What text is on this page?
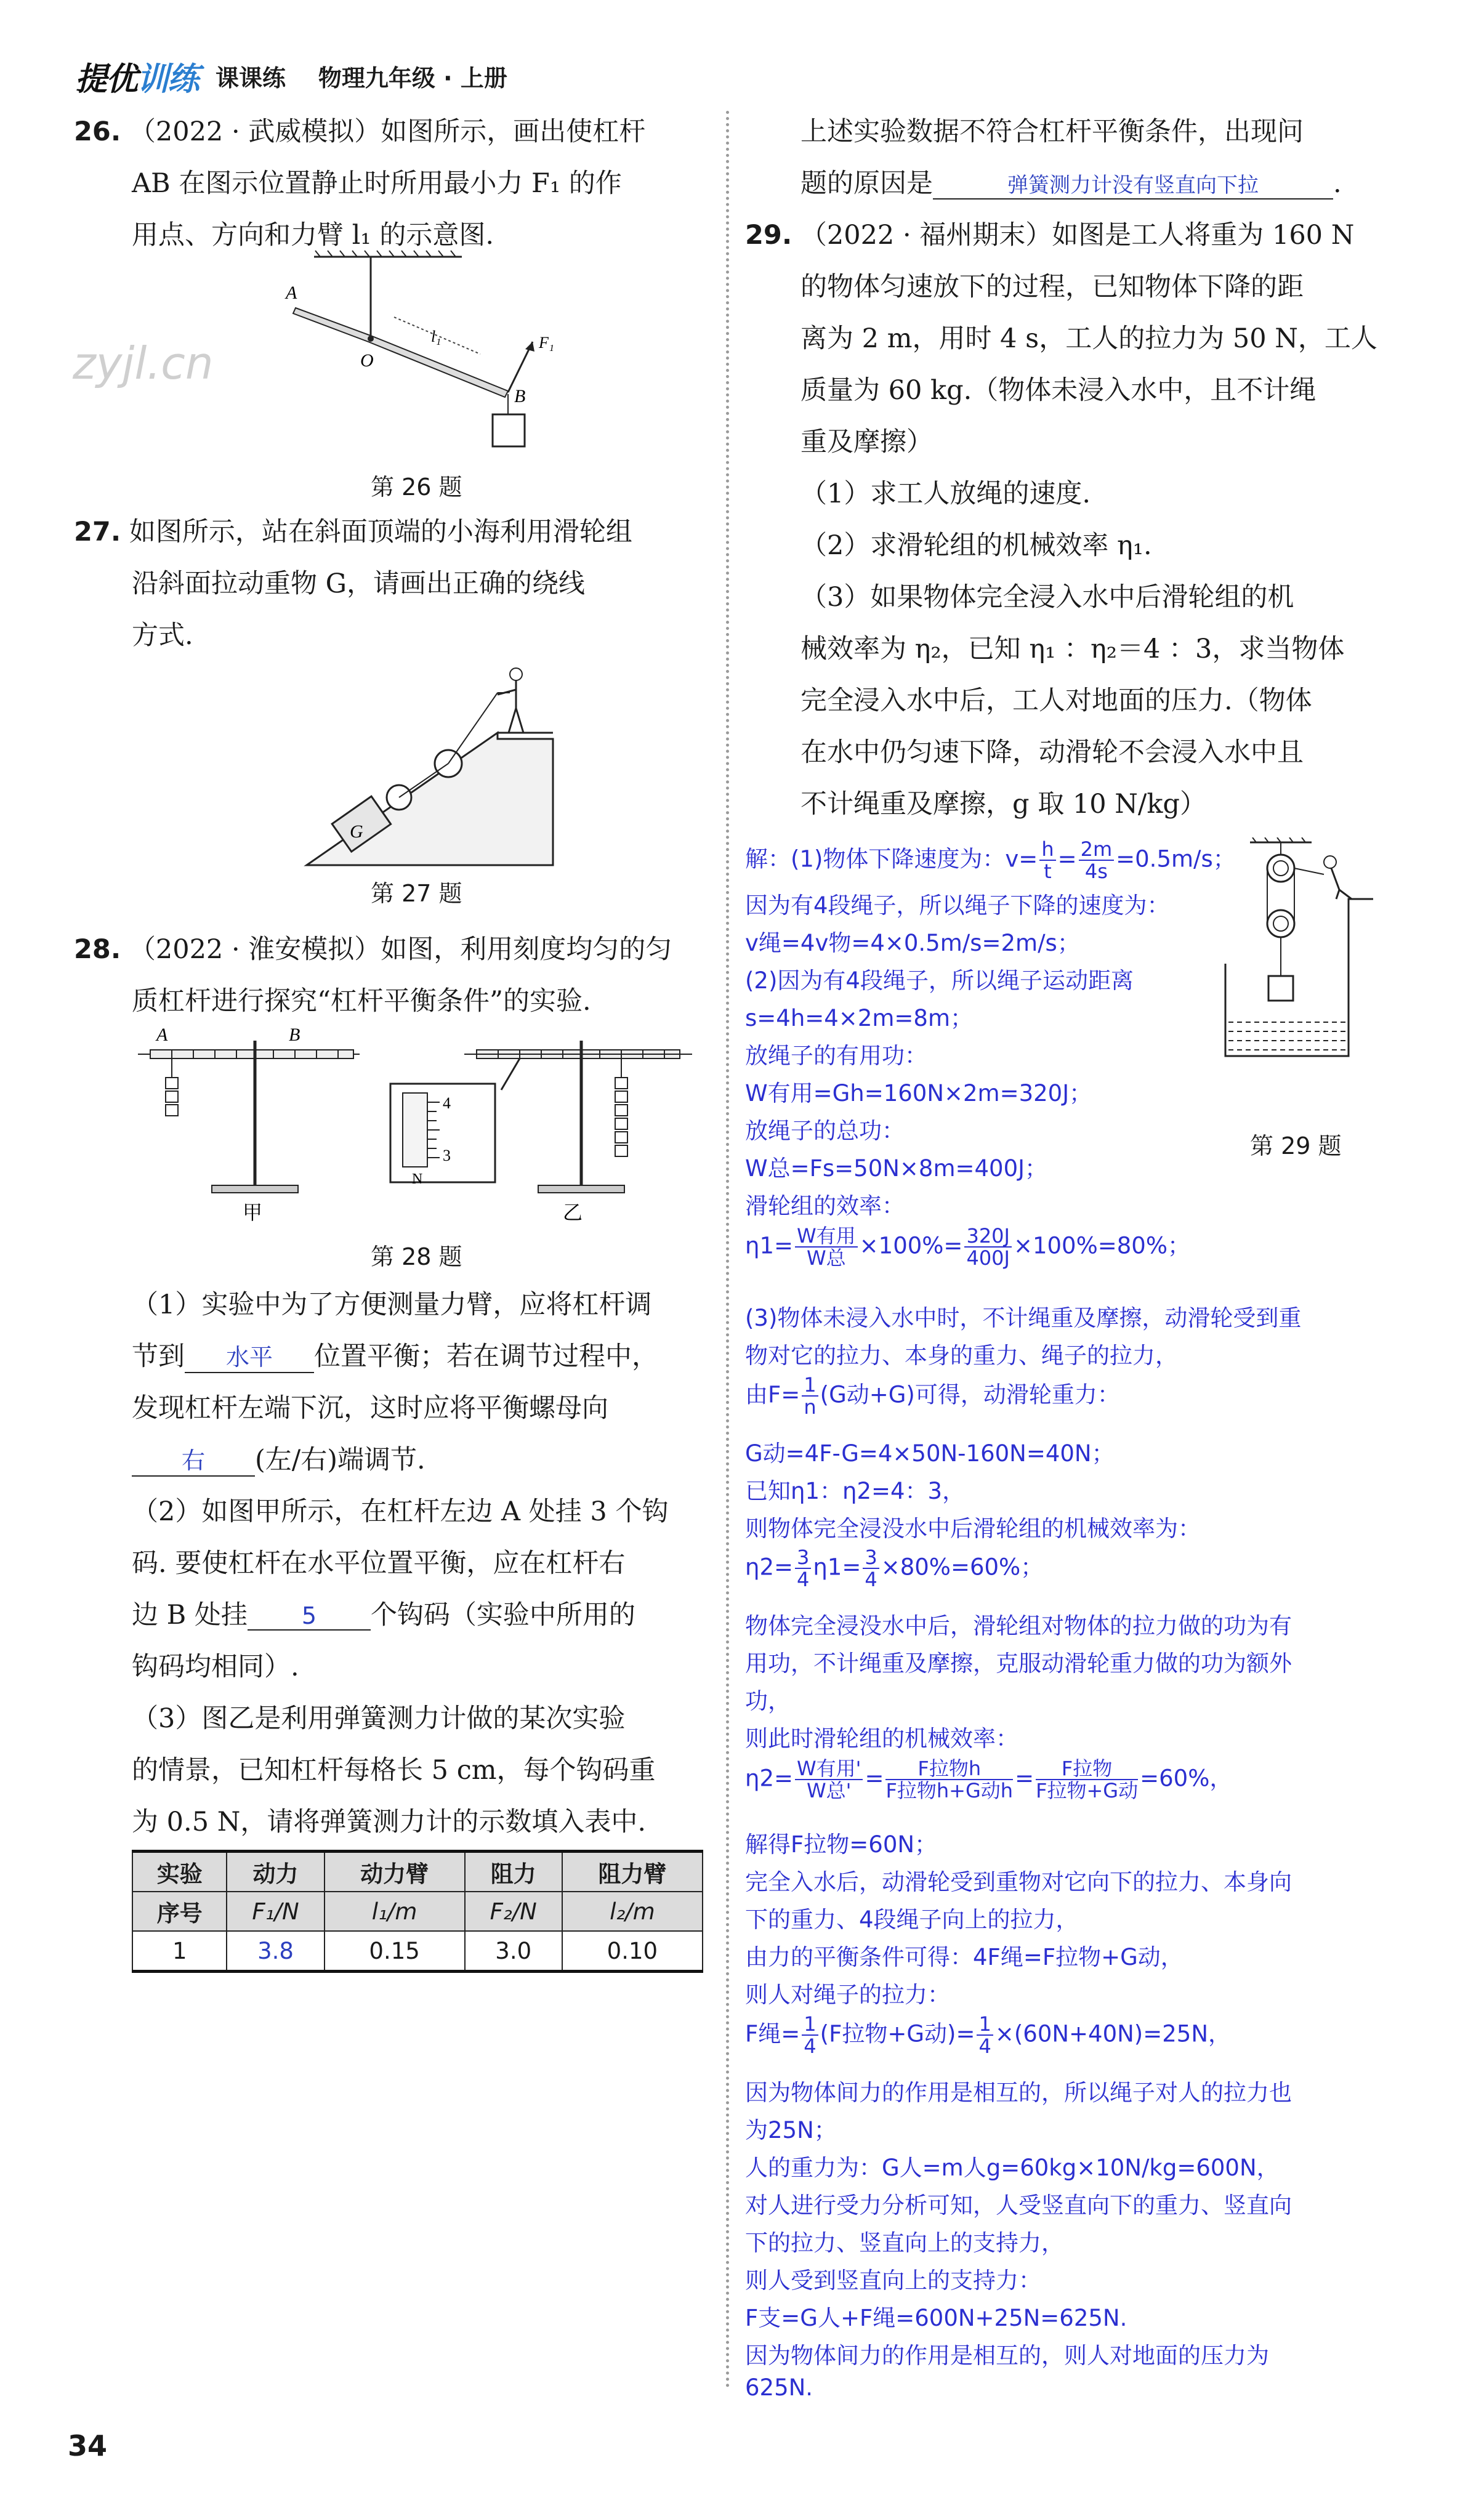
提优训练 课课练    物理九年级 · 上册
zyjl.cn
26. （2022 · 武威模拟）如图所示，画出使杠杆
AB 在图示位置静止时所用最小力 F₁ 的作
用点、方向和力臂 l₁ 的示意图.
A
O
B
l₁	F₁
第 26 题
27. 如图所示，站在斜面顶端的小海利用滑轮组
沿斜面拉动重物 G，请画出正确的绕线
方式.
G
第 27 题
28. （2022 · 淮安模拟）如图，利用刻度均匀的匀
质杠杆进行探究“杠杆平衡条件”的实验.
A	B
甲
4
3
N
乙
第 28 题
（1）实验中为了方便测量力臂，应将杠杆调
节到 水平 位置平衡；若在调节过程中，
发现杠杆左端下沉，这时应将平衡螺母向
右 (左/右)端调节.
（2）如图甲所示，在杠杆左边 A 处挂 3 个钩
码. 要使杠杆在水平位置平衡，应在杠杆右
边 B 处挂 5 个钩码（实验中所用的
钩码均相同）.
（3）图乙是利用弹簧测力计做的某次实验
的情景，已知杠杆每格长 5 cm，每个钩码重
为 0.5 N，请将弹簧测力计的示数填入表中.
实验	动力	动力臂	阻力	阻力臂
序号	F₁/N	l₁/m	F₂/N	l₂/m
1	3.8	0.15	3.0	0.10
上述实验数据不符合杠杆平衡条件，出现问
题的原因是	弹簧测力计没有竖直向下拉	.
29. （2022 · 福州期末）如图是工人将重为 160 N
的物体匀速放下的过程，已知物体下降的距
离为 2 m，用时 4 s，工人的拉力为 50 N，工人
质量为 60 kg.（物体未浸入水中，且不计绳
重及摩擦）
（1）求工人放绳的速度.
（2）求滑轮组的机械效率 η₁.
（3）如果物体完全浸入水中后滑轮组的机
械效率为 η₂，已知 η₁ ：η₂＝4 ：3，求当物体
完全浸入水中后，工人对地面的压力.（物体
在水中仍匀速下降，动滑轮不会浸入水中且
不计绳重及摩擦，g 取 10 N/kg）
第 29 题
解：(1)物体下降速度为：$v= \frac{h}{t} = \frac{2m}{4s} =0.5m/s$；
因为有4段绳子，所以绳子下降的速度为：
v绳=4v物=4×0.5m/s=2m/s；
(2)因为有4段绳子，所以绳子运动距离
s=4h=4×2m=8m；
放绳子的有用功：
W有用=Gh=160N×2m=320J；
放绳子的总功：
W总=Fs=50N×8m=400J；
滑轮组的效率：
$\eta 1= \frac{\text{W有用}}{\text{W总}} \times 100\%= \frac{320J}{400J} \times 100\%=80\%$；
(3)物体未浸入水中时，不计绳重及摩擦，动滑轮受到重
物对它的拉力、本身的重力、绳子的拉力，
由$F= \frac{1}{n} (G$动+G)可得，动滑轮重力：
G动=4F-G=4×50N-160N=40N；
已知η1：η2=4：3，
则物体完全浸没水中后滑轮组的机械效率为：
$\eta 2= \frac{3}{4} \eta 1= \frac{3}{4} \times 80\%=60\%$；
物体完全浸没水中后，滑轮组对物体的拉力做的功为有
用功，不计绳重及摩擦，克服动滑轮重力做的功为额外
功，
则此时滑轮组的机械效率：
$\eta 2= \frac{\text{W有用'}}{\text{W总'}} = \frac{\text{F拉物h}}{\text{F拉物h+G动h}} = \frac{\text{F拉物}}{\text{F拉物+G动}} =60\%$，
解得F拉物=60N；
完全入水后，动滑轮受到重物对它向下的拉力、本身向
下的重力、4段绳子向上的拉力，
由力的平衡条件可得：4F绳=F拉物+G动，
则人对绳子的拉力：
F绳= $\frac{1}{4} (F$拉物+G动)= $\frac{1}{4} \times(60N+40N)=25N$，
因为物体间力的作用是相互的，所以绳子对人的拉力也
为25N；
人的重力为：G人=m人g=60kg×10N/kg=600N，
对人进行受力分析可知，人受竖直向下的重力、竖直向
下的拉力、竖直向上的支持力，
则人受到竖直向上的支持力：
F支=G人+F绳=600N+25N=625N.
因为物体间力的作用是相互的，则人对地面的压力为
625N.
34
